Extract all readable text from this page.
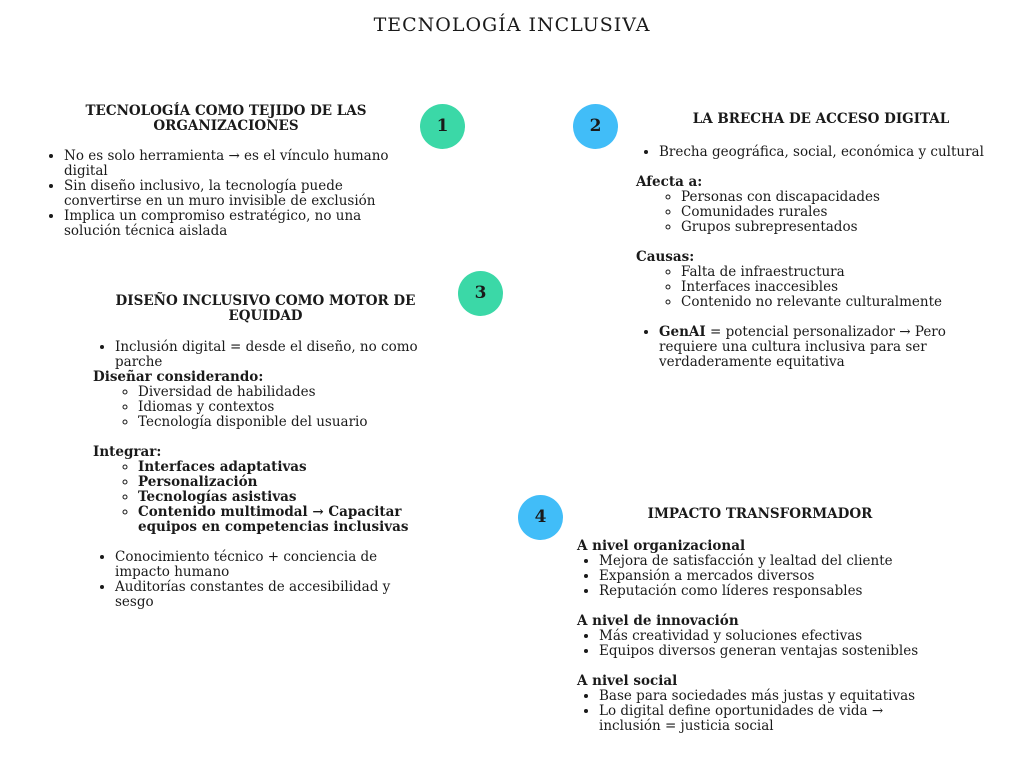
TECNOLOGÍA INCLUSIVA
1	2
3
4
TECNOLOGÍA COMO TEJIDO DE LAS ORGANIZACIONES
• No es solo herramienta → es el vínculo humano digital
• Sin diseño inclusivo, la tecnología puede convertirse en un muro invisible de exclusión
• Implica un compromiso estratégico, no una solución técnica aislada
LA BRECHA DE ACCESO DIGITAL
• Brecha geográfica, social, económica y cultural
Afecta a:
◦ Personas con discapacidades
◦ Comunidades rurales
◦ Grupos subrepresentados
Causas:
◦ Falta de infraestructura
◦ Interfaces inaccesibles
◦ Contenido no relevante culturalmente
• GenAI = potencial personalizador → Pero requiere una cultura inclusiva para ser verdaderamente equitativa
DISEÑO INCLUSIVO COMO MOTOR DE EQUIDAD
• Inclusión digital = desde el diseño, no como parche
Diseñar considerando:
◦ Diversidad de habilidades
◦ Idiomas y contextos
◦ Tecnología disponible del usuario
Integrar:
◦ Interfaces adaptativas
◦ Personalización
◦ Tecnologías asistivas
◦ Contenido multimodal → Capacitar equipos en competencias inclusivas
• Conocimiento técnico + conciencia de impacto humano
• Auditorías constantes de accesibilidad y sesgo
IMPACTO TRANSFORMADOR
A nivel organizacional
• Mejora de satisfacción y lealtad del cliente
• Expansión a mercados diversos
• Reputación como líderes responsables
A nivel de innovación
• Más creatividad y soluciones efectivas
• Equipos diversos generan ventajas sostenibles
A nivel social
• Base para sociedades más justas y equitativas
• Lo digital define oportunidades de vida → inclusión = justicia social
